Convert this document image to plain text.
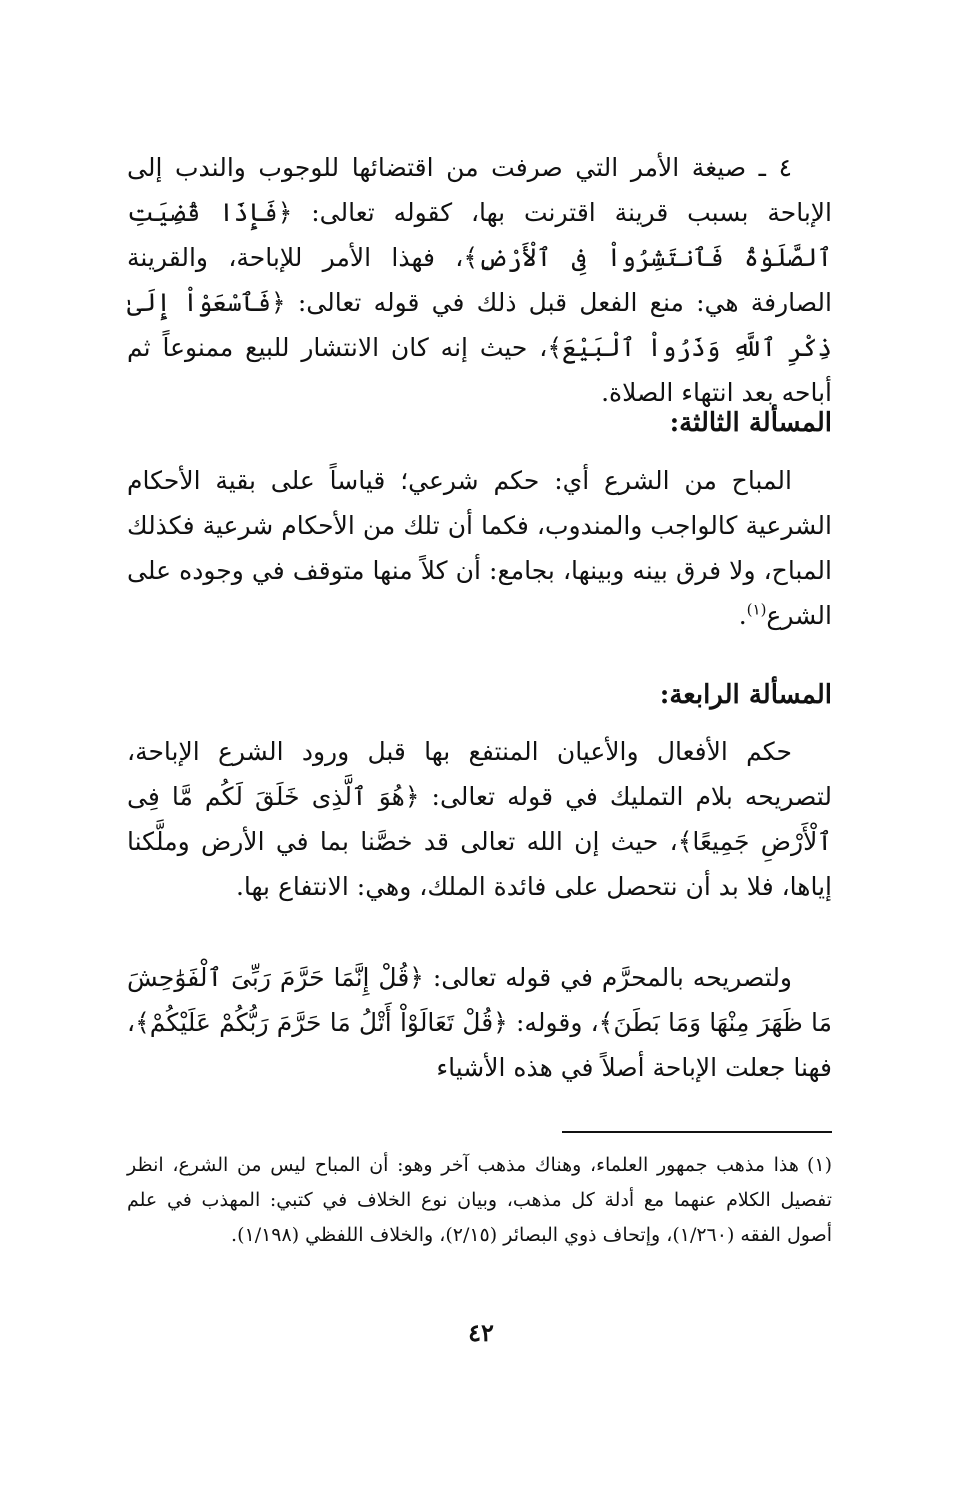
٤ ـ صيغة الأمر التي صرفت من اقتضائها للوجوب والندب إلى الإباحة بسبب قرينة اقترنت بها، كقوله تعالى: ﴿فَإِذَا قُضِيَتِ ٱلصَّلَوٰةُ فَٱنتَشِرُواْ فِى ٱلْأَرْضِ﴾، فهذا الأمر للإباحة، والقرينة الصارفة هي: منع الفعل قبل ذلك في قوله تعالى: ﴿فَٱسْعَوْاْ إِلَىٰ ذِكْرِ ٱللَّهِ وَذَرُواْ ٱلْبَيْعَ﴾، حيث إنه كان الانتشار للبيع ممنوعاً ثم أباحه بعد انتهاء الصلاة.

المسألة الثالثة:

المباح من الشرع أي: حكم شرعي؛ قياساً على بقية الأحكام الشرعية كالواجب والمندوب، فكما أن تلك من الأحكام شرعية فكذلك المباح، ولا فرق بينه وبينها، بجامع: أن كلاً منها متوقف في وجوده على الشرع$^{(١)}$.

المسألة الرابعة:

حكم الأفعال والأعيان المنتفع بها قبل ورود الشرع الإباحة، لتصريحه بلام التمليك في قوله تعالى: ﴿هُوَ ٱلَّذِى خَلَقَ لَكُم مَّا فِى ٱلْأَرْضِ جَمِيعًا﴾، حيث إن الله تعالى قد خصَّنا بما في الأرض وملَّكنا إياها، فلا بد أن نتحصل على فائدة الملك، وهي: الانتفاع بها.

ولتصريحه بالمحرَّم في قوله تعالى: ﴿قُلْ إِنَّمَا حَرَّمَ رَبِّىَ ٱلْفَوَٰحِشَ مَا ظَهَرَ مِنْهَا وَمَا بَطَنَ﴾، وقوله: ﴿قُلْ تَعَالَوْاْ أَتْلُ مَا حَرَّمَ رَبُّكُمْ عَلَيْكُمْ﴾، فهنا جعلت الإباحة أصلاً في هذه الأشياء

(١)هذا مذهب جمهور العلماء، وهناك مذهب آخر وهو: أن المباح ليس من الشرع، انظر تفصيل الكلام عنهما مع أدلة كل مذهب، وبيان نوع الخلاف في كتبي: المهذب في علم أصول الفقه (١/٢٦٠)، وإتحاف ذوي البصائر (٢/١٥)، والخلاف اللفظي (١/١٩٨).

٤٢
